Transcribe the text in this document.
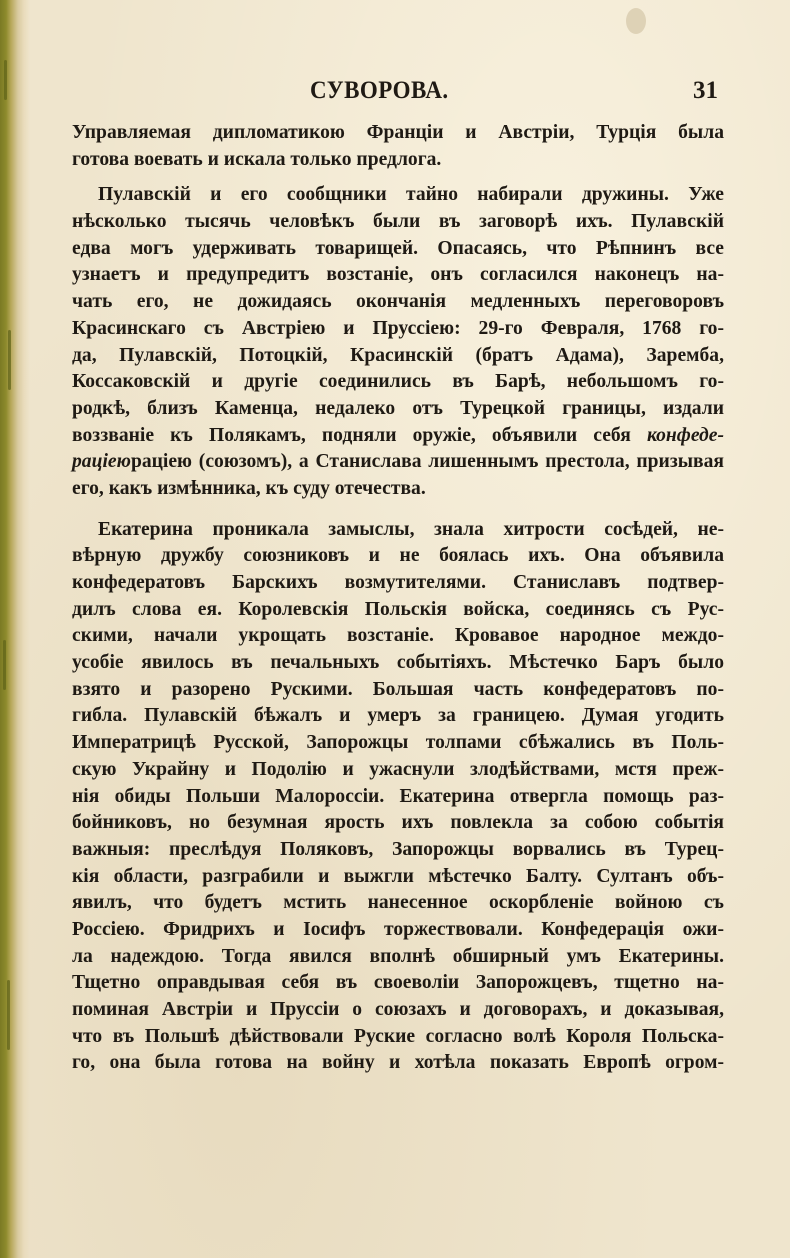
СУВОРОВА.	31
Управляемая дипломатикою Франціи и Австріи, Турція была
готова воевать и искала только предлога.
Пулавскій и его сообщники тайно набирали дружины. Уже
нѣсколько тысячь человѣкъ были въ заговорѣ ихъ. Пулавскій
едва могъ удерживать товарищей. Опасаясь, что Рѣпнинъ все
узнаетъ и предупредитъ возстаніе, онъ согласился наконецъ на-
чать его, не дожидаясь окончанія медленныхъ переговоровъ
Красинскаго съ Австріею и Пруссіею: 29-го Февраля, 1768 го-
да, Пулавскій, Потоцкій, Красинскій (братъ Адама), Заремба,
Коссаковскій и другіе соединились въ Барѣ, небольшомъ го-
родкѣ, близъ Каменца, недалеко отъ Турецкой границы, издали
воззваніе къ Полякамъ, подняли оружіе, объявили себя конфеде-
раціеюраціею (союзомъ), а Станислава лишеннымъ престола, призывая
его, какъ измѣнника, къ суду отечества.
Екатерина проникала замыслы, знала хитрости сосѣдей, не-
вѣрную дружбу союзниковъ и не боялась ихъ. Она объявила
конфедератовъ Барскихъ возмутителями. Станиславъ подтвер-
дилъ слова ея. Королевскія Польскія войска, соединясь съ Рус-
скими, начали укрощать возстаніе. Кровавое народное междо-
усобіе явилось въ печальныхъ событіяхъ. Мѣстечко Баръ было
взято и разорено Рускими. Большая часть конфедератовъ по-
гибла. Пулавскій бѣжалъ и умеръ за границею. Думая угодить
Императрицѣ Русской, Запорожцы толпами сбѣжались въ Поль-
скую Украйну и Подолію и ужаснули злодѣйствами, мстя преж-
нія обиды Польши Малороссіи. Екатерина отвергла помощь раз-
бойниковъ, но безумная ярость ихъ повлекла за собою событія
важныя: преслѣдуя Поляковъ, Запорожцы ворвались въ Турец-
кія области, разграбили и выжгли мѣстечко Балту. Султанъ объ-
явилъ, что будетъ мстить нанесенное оскорбленіе войною съ
Россіею. Фридрихъ и Іосифъ торжествовали. Конфедерація ожи-
ла надеждою. Тогда явился вполнѣ обширный умъ Екатерины.
Тщетно оправдывая себя въ своеволіи Запорожцевъ, тщетно на-
поминая Австріи и Пруссіи о союзахъ и договорахъ, и доказывая,
что въ Польшѣ дѣйствовали Руские согласно волѣ Короля Польска-
го, она была готова на войну и хотѣла показать Европѣ огром-
